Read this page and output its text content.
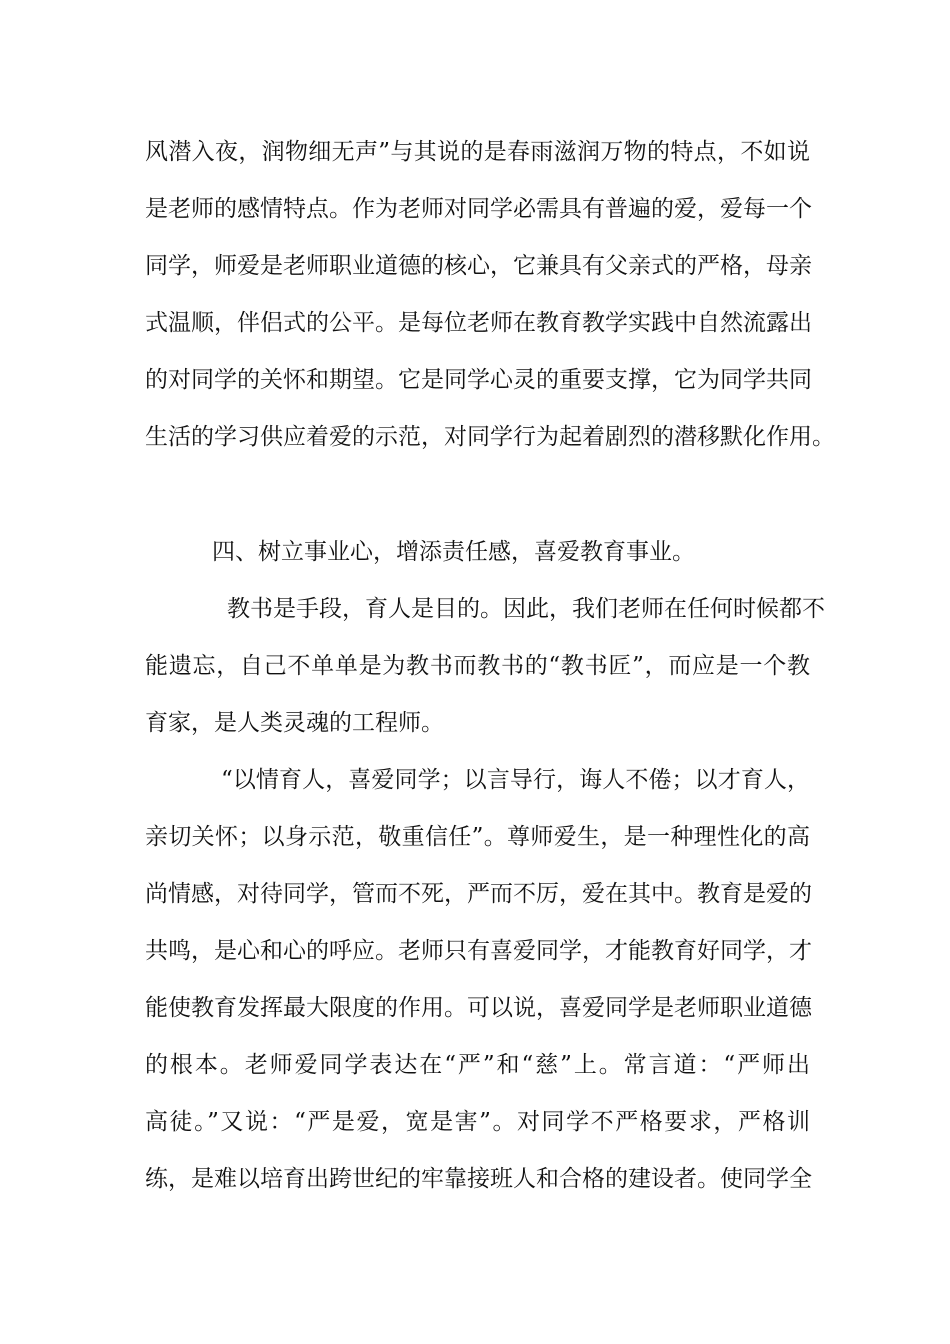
风潜入夜，润物细无声”与其说的是春雨滋润万物的特点，不如说
是老师的感情特点。作为老师对同学必需具有普遍的爱，爱每一个
同学，师爱是老师职业道德的核心，它兼具有父亲式的严格，母亲
式温顺，伴侣式的公平。是每位老师在教育教学实践中自然流露出
的对同学的关怀和期望。它是同学心灵的重要支撑，它为同学共同
生活的学习供应着爱的示范，对同学行为起着剧烈的潜移默化作用。
四、树立事业心，增添责任感，喜爱教育事业。
教书是手段，育人是目的。因此，我们老师在任何时候都不
能遗忘，自己不单单是为教书而教书的“教书匠”，而应是一个教
育家，是人类灵魂的工程师。
“以情育人，喜爱同学；以言导行，诲人不倦；以才育人，
亲切关怀；以身示范，敬重信任”。尊师爱生，是一种理性化的高
尚情感，对待同学，管而不死，严而不厉，爱在其中。教育是爱的
共鸣，是心和心的呼应。老师只有喜爱同学，才能教育好同学，才
能使教育发挥最大限度的作用。可以说，喜爱同学是老师职业道德
的根本。老师爱同学表达在“严”和“慈”上。常言道：“严师出
高徒。”又说：“严是爱，宽是害”。对同学不严格要求，严格训
练，是难以培育出跨世纪的牢靠接班人和合格的建设者。使同学全
